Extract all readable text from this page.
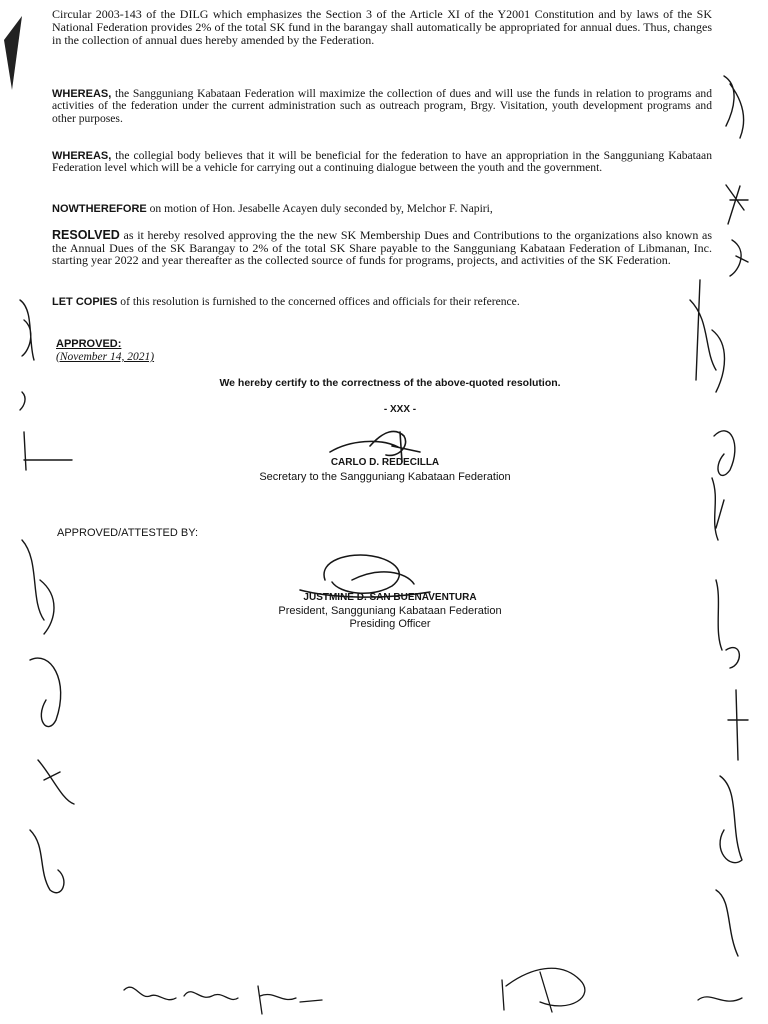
Circular 2003-143 of the DILG which emphasizes the Section 3 of the Article XI of the Y2001 Constitution and by laws of the SK National Federation provides 2% of the total SK fund in the barangay shall automatically be appropriated for annual dues. Thus, changes in the collection of annual dues hereby amended by the Federation.

WHEREAS, the Sangguniang Kabataan Federation will maximize the collection of dues and will use the funds in relation to programs and activities of the federation under the current administration such as outreach program, Brgy. Visitation, youth development programs and other purposes.

WHEREAS, the collegial body believes that it will be beneficial for the federation to have an appropriation in the Sangguniang Kabataan Federation level which will be a vehicle for carrying out a continuing dialogue between the youth and the government.

NOWTHEREFORE on motion of Hon. Jesabelle Acayen duly seconded by, Melchor F. Napiri,

RESOLVED as it hereby resolved approving the the new SK Membership Dues and Contributions to the organizations also known as the Annual Dues of the SK Barangay to 2% of the total SK Share payable to the Sangguniang Kabataan Federation of Libmanan, Inc. starting year 2022 and year thereafter as the collected source of funds for programs, projects, and activities of the SK Federation.

LET COPIES of this resolution is furnished to the concerned offices and officials for their reference.

APPROVED:
(November 14, 2021)
We hereby certify to the correctness of the above-quoted resolution.
- XXX -
CARLO D. REDECILLA
Secretary to the Sangguniang Kabataan Federation
APPROVED/ATTESTED BY:
JUSTMINE D. SAN BUENAVENTURA
President, Sangguniang Kabataan Federation
Presiding Officer
